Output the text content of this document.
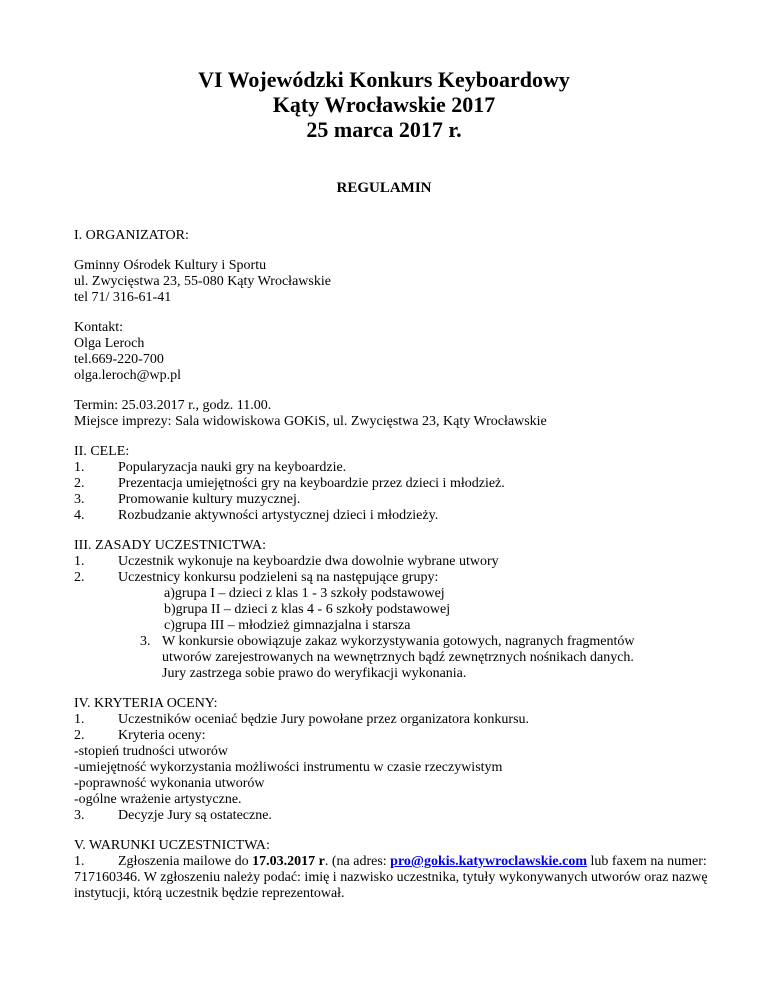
VI Wojewódzki Konkurs Keyboardowy
Kąty Wrocławskie 2017
25 marca 2017 r.
REGULAMIN
I. ORGANIZATOR:
Gminny Ośrodek Kultury i Sportu
ul. Zwycięstwa 23, 55-080 Kąty Wrocławskie
tel 71/ 316-61-41
Kontakt:
Olga Leroch
tel.669-220-700
olga.leroch@wp.pl
Termin: 25.03.2017 r., godz. 11.00.
Miejsce imprezy: Sala widowiskowa GOKiS, ul. Zwycięstwa 23, Kąty Wrocławskie
II. CELE:
1. Popularyzacja nauki gry na keyboardzie.
2. Prezentacja umiejętności gry na keyboardzie przez dzieci i młodzież.
3. Promowanie kultury muzycznej.
4. Rozbudzanie aktywności artystycznej dzieci i młodzieży.
III. ZASADY UCZESTNICTWA:
1. Uczestnik wykonuje na keyboardzie dwa dowolnie wybrane utwory
2. Uczestnicy konkursu podzieleni są na następujące grupy:
a)grupa I – dzieci z klas 1 - 3 szkoły podstawowej
b)grupa II – dzieci z klas 4 - 6 szkoły podstawowej
c)grupa III – młodzież gimnazjalna i starsza
3. W konkursie obowiązuje zakaz wykorzystywania gotowych, nagranych fragmentów
utworów zarejestrowanych na wewnętrznych bądź zewnętrznych nośnikach danych.
Jury zastrzega sobie prawo do weryfikacji wykonania.
IV. KRYTERIA OCENY:
1. Uczestników oceniać będzie Jury powołane przez organizatora konkursu.
2. Kryteria oceny:
-stopień trudności utworów
-umiejętność wykorzystania możliwości instrumentu w czasie rzeczywistym
-poprawność wykonania utworów
-ogólne wrażenie artystyczne.
3. Decyzje Jury są ostateczne.
V. WARUNKI UCZESTNICTWA:
1. Zgłoszenia mailowe do 17.03.2017 r. (na adres: pro@gokis.katywroclawskie.com lub faxem na numer: 717160346. W zgłoszeniu należy podać: imię i nazwisko uczestnika, tytuły wykonywanych utworów oraz nazwę instytucji, którą uczestnik będzie reprezentował.
